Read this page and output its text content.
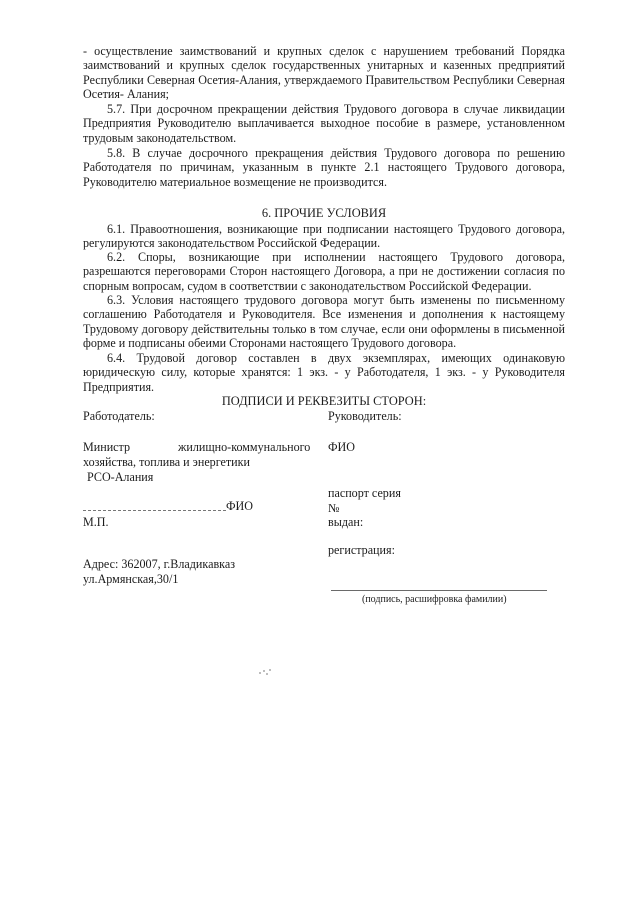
- осуществление заимствований и крупных сделок с нарушением требований Порядка заимствований и крупных сделок государственных унитарных и казенных предприятий Республики Северная Осетия-Алания, утверждаемого Правительством Республики Северная Осетия- Алания;

5.7. При досрочном прекращении действия Трудового договора в случае ликвидации Предприятия Руководителю выплачивается выходное пособие в размере, установленном трудовым законодательством.

5.8. В случае досрочного прекращения действия Трудового договора по решению Работодателя по причинам, указанным в пункте 2.1 настоящего Трудового договора, Руководителю материальное возмещение не производится.

6. ПРОЧИЕ УСЛОВИЯ

6.1. Правоотношения, возникающие при подписании настоящего Трудового договора, регулируются законодательством Российской Федерации.

6.2. Споры, возникающие при исполнении настоящего Трудового договора, разрешаются переговорами Сторон настоящего Договора, а при не достижении согласия по спорным вопросам, судом в соответствии с законодательством Российской Федерации.

6.3. Условия настоящего трудового договора могут быть изменены по письменному соглашению Работодателя и Руководителя. Все изменения и дополнения к настоящему Трудовому договору действительны только в том случае, если они оформлены в письменной форме и подписаны обеими Сторонами настоящего Трудового договора.

6.4. Трудовой договор составлен в двух экземплярах, имеющих одинаковую юридическую силу, которые хранятся: 1 экз. - у Работодателя, 1 экз. - у Руководителя Предприятия.

ПОДПИСИ И РЕКВЕЗИТЫ СТОРОН:

Работодатель:
Министр	жилищно-коммунального
хозяйства, топлива и энергетики
РСО-Алания
ФИО
М.П.
Адрес: 362007, г.Владикавказ
ул.Армянская,30/1
Руководитель:
ФИО
паспорт серия
№
выдан:
регистрация:
(подпись, расшифровка фамилии)
